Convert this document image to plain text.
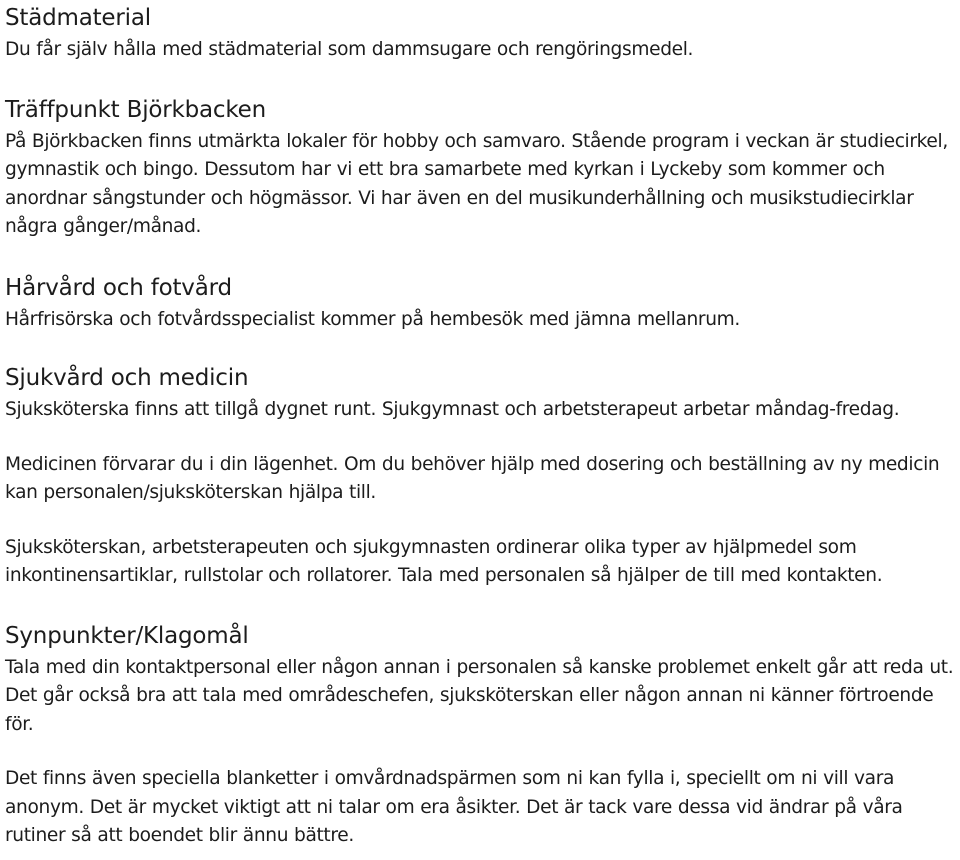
Städmaterial

Du får själv hålla med städmaterial som dammsugare och rengöringsmedel.

Träffpunkt Björkbacken

På Björkbacken finns utmärkta lokaler för hobby och samvaro. Stående program i veckan är studiecirkel, gymnastik och bingo. Dessutom har vi ett bra samarbete med kyrkan i Lyckeby som kommer och anordnar sångstunder och högmässor. Vi har även en del musikunderhållning och musikstudiecirklar några gånger/månad.

Hårvård och fotvård

Hårfrisörska och fotvårdsspecialist kommer på hembesök med jämna mellanrum.

Sjukvård och medicin

Sjuksköterska finns att tillgå dygnet runt. Sjukgymnast och arbetsterapeut arbetar måndag-fredag.

Medicinen förvarar du i din lägenhet. Om du behöver hjälp med dosering och beställning av ny medicin kan personalen/sjuksköterskan hjälpa till.

Sjuksköterskan, arbetsterapeuten och sjukgymnasten ordinerar olika typer av hjälpmedel som inkontinensartiklar, rullstolar och rollatorer. Tala med personalen så hjälper de till med kontakten.

Synpunkter/Klagomål

Tala med din kontaktpersonal eller någon annan i personalen så kanske problemet enkelt går att reda ut. Det går också bra att tala med områdeschefen, sjuksköterskan eller någon annan ni känner förtroende för.

Det finns även speciella blanketter i omvårdnadspärmen som ni kan fylla i, speciellt om ni vill vara anonym. Det är mycket viktigt att ni talar om era åsikter. Det är tack vare dessa vid ändrar på våra rutiner så att boendet blir ännu bättre.
